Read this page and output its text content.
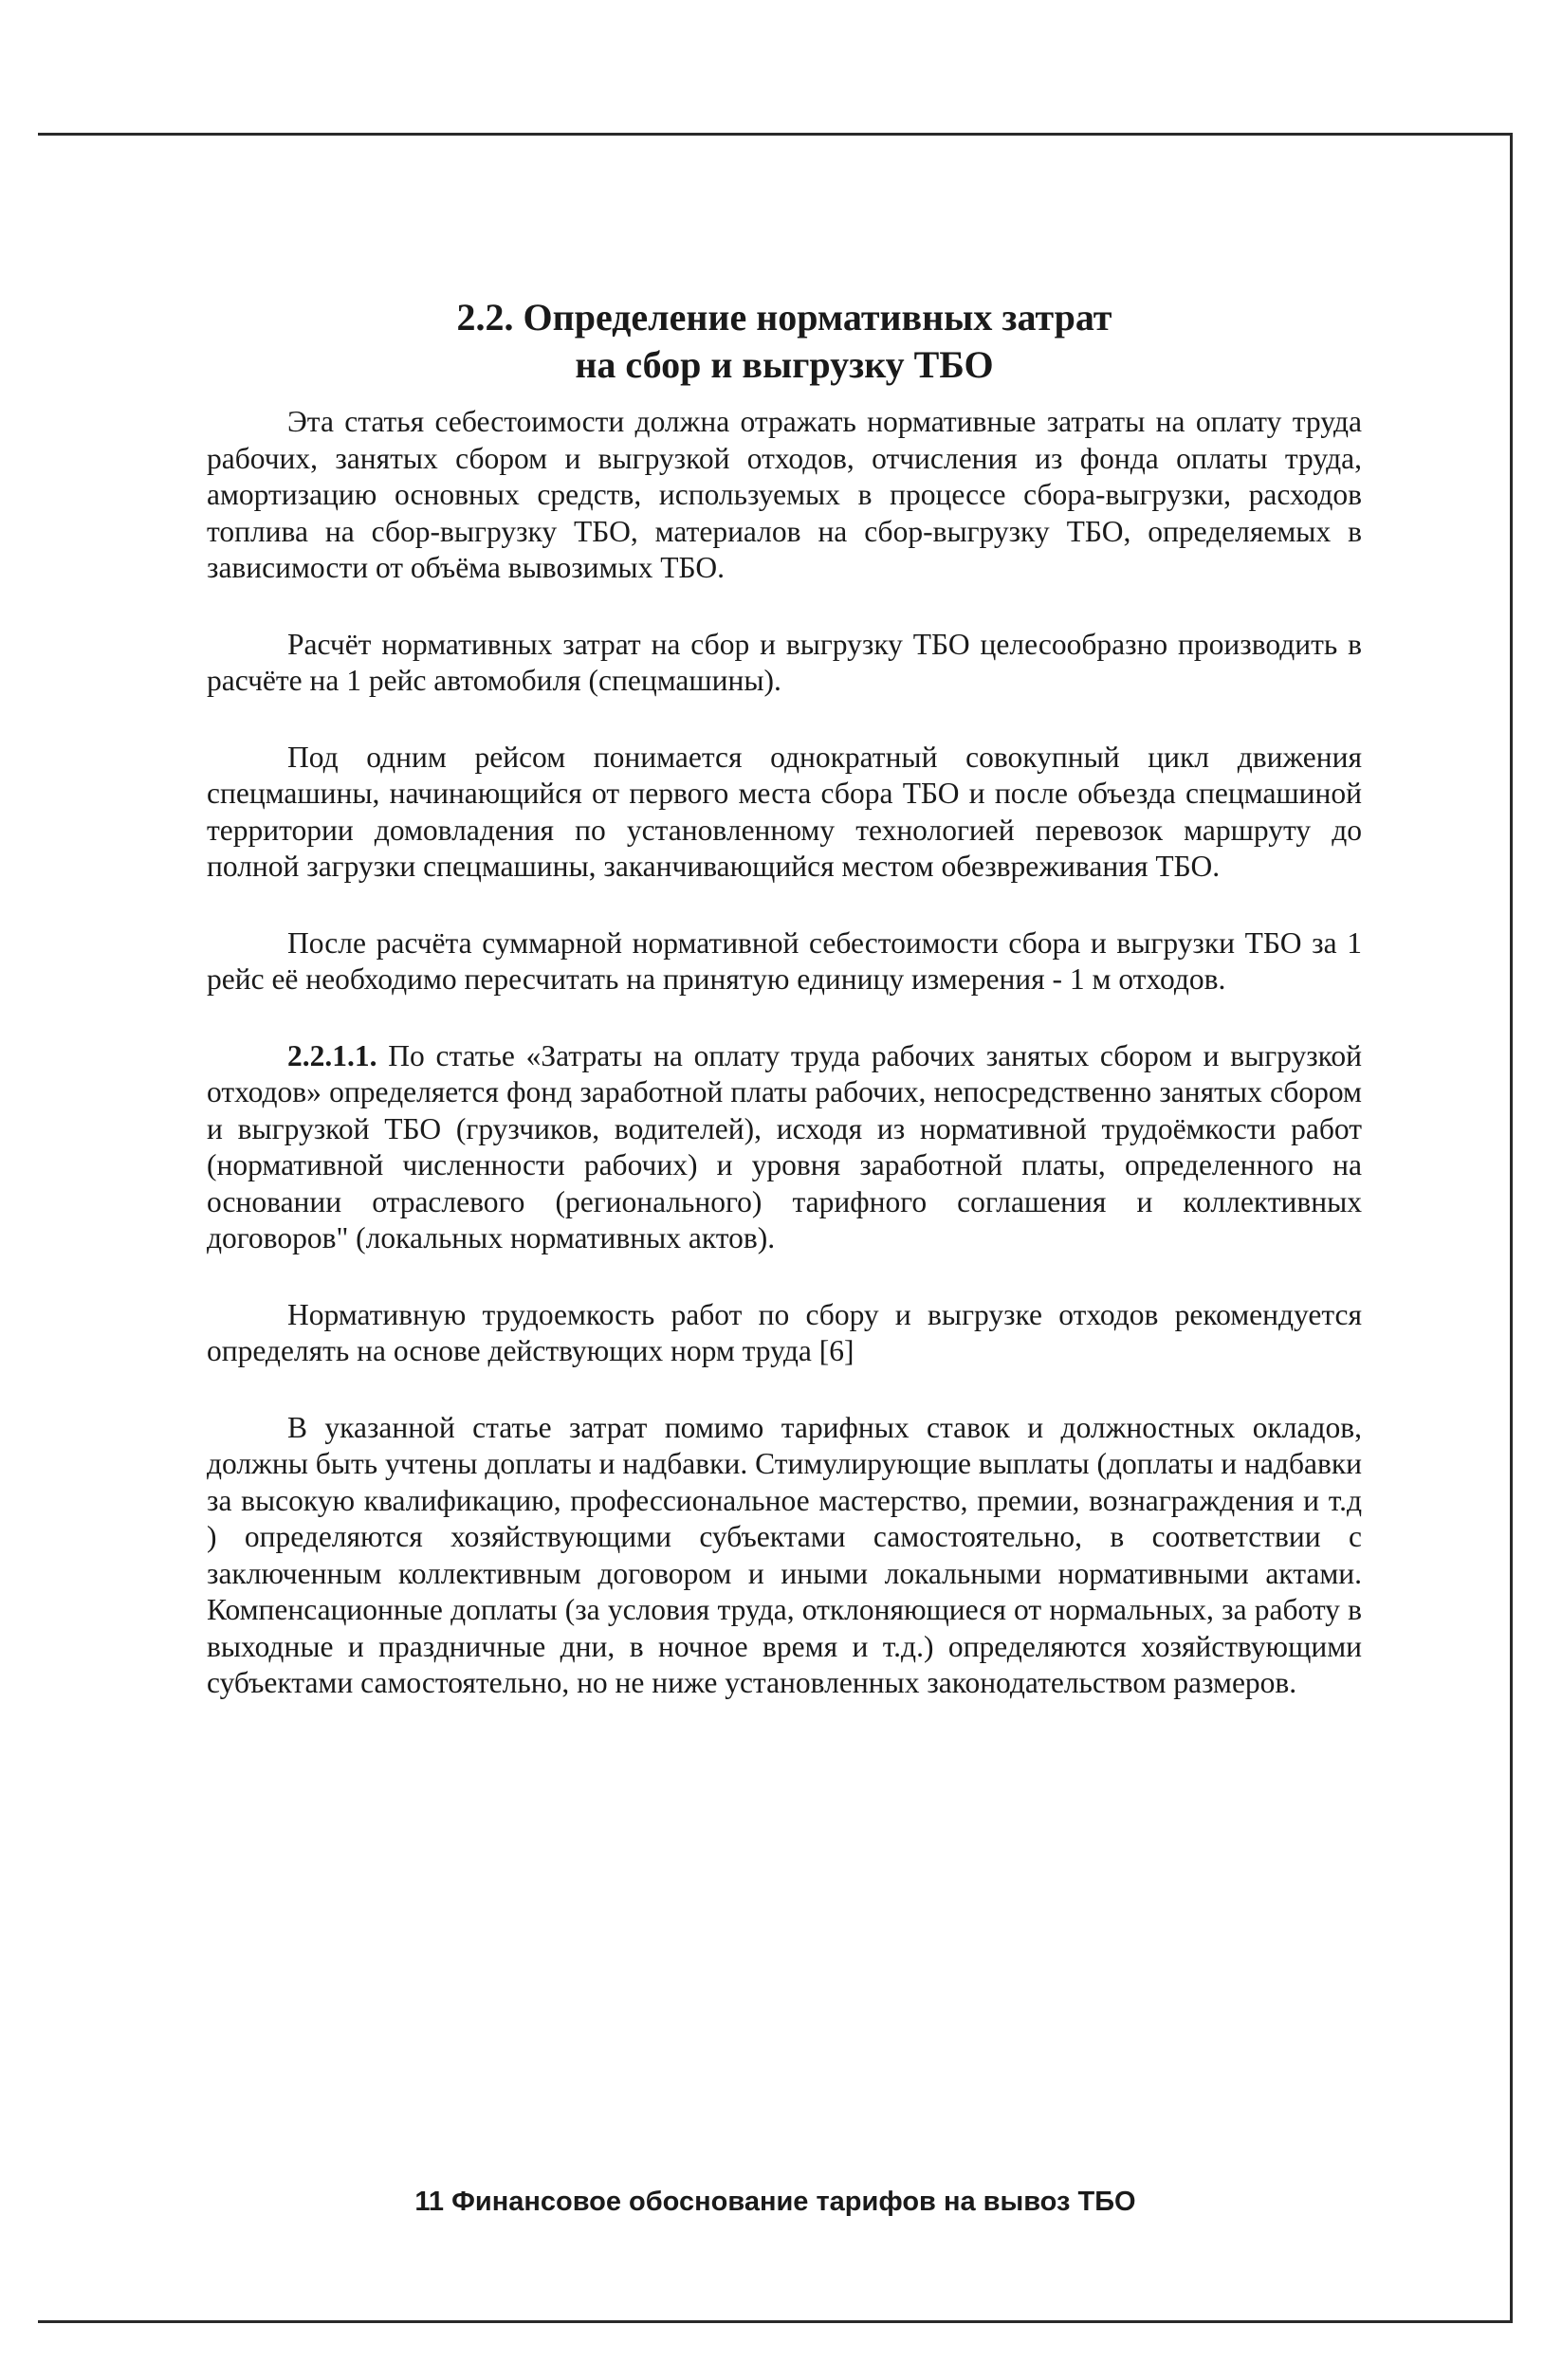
2.2. Определение нормативных затрат
на сбор и выгрузку ТБО

Эта статья себестоимости должна отражать нормативные затраты на оплату труда рабочих, занятых сбором и выгрузкой отходов, отчисления из фонда оплаты труда, амортизацию основных средств, используемых в процессе сбора-выгрузки, расходов топлива на сбор-выгрузку ТБО, материалов на сбор-выгрузку ТБО, определяемых в зависимости от объёма вывозимых ТБО.

Расчёт нормативных затрат на сбор и выгрузку ТБО целесообразно производить в расчёте на 1 рейс автомобиля (спецмашины).

Под одним рейсом понимается однократный совокупный цикл движения спецмашины, начинающийся от первого места сбора ТБО и после объезда спецмашиной территории домовладения по установленному технологией перевозок маршруту до полной загрузки спецмашины, заканчивающийся местом обезвреживания ТБО.

После расчёта суммарной нормативной себестоимости сбора и выгрузки ТБО за 1 рейс её необходимо пересчитать на принятую единицу измерения - 1 м отходов.

2.2.1.1. По статье «Затраты на оплату труда рабочих занятых сбором и выгрузкой отходов» определяется фонд заработной платы рабочих, непосредственно занятых сбором и выгрузкой ТБО (грузчиков, водителей), исходя из нормативной трудоёмкости работ (нормативной численности рабочих) и уровня заработной платы, определенного на основании отраслевого (регионального) тарифного соглашения и коллективных договоров" (локальных нормативных актов).

Нормативную трудоемкость работ по сбору и выгрузке отходов рекомендуется определять на основе действующих норм труда [6]

В указанной статье затрат помимо тарифных ставок и должностных окладов, должны быть учтены доплаты и надбавки. Стимулирующие выплаты (доплаты и надбавки за высокую квалификацию, профессиональное мастерство, премии, вознаграждения и т.д ) определяются хозяйствующими субъектами самостоятельно, в соответствии с заключенным коллективным договором и иными локальными нормативными актами. Компенсационные доплаты (за условия труда, отклоняющиеся от нормальных, за работу в выходные и праздничные дни, в ночное время и т.д.) определяются хозяйствующими субъектами самостоятельно, но не ниже установленных законодательством размеров.

11 Финансовое обоснование тарифов на вывоз ТБО
